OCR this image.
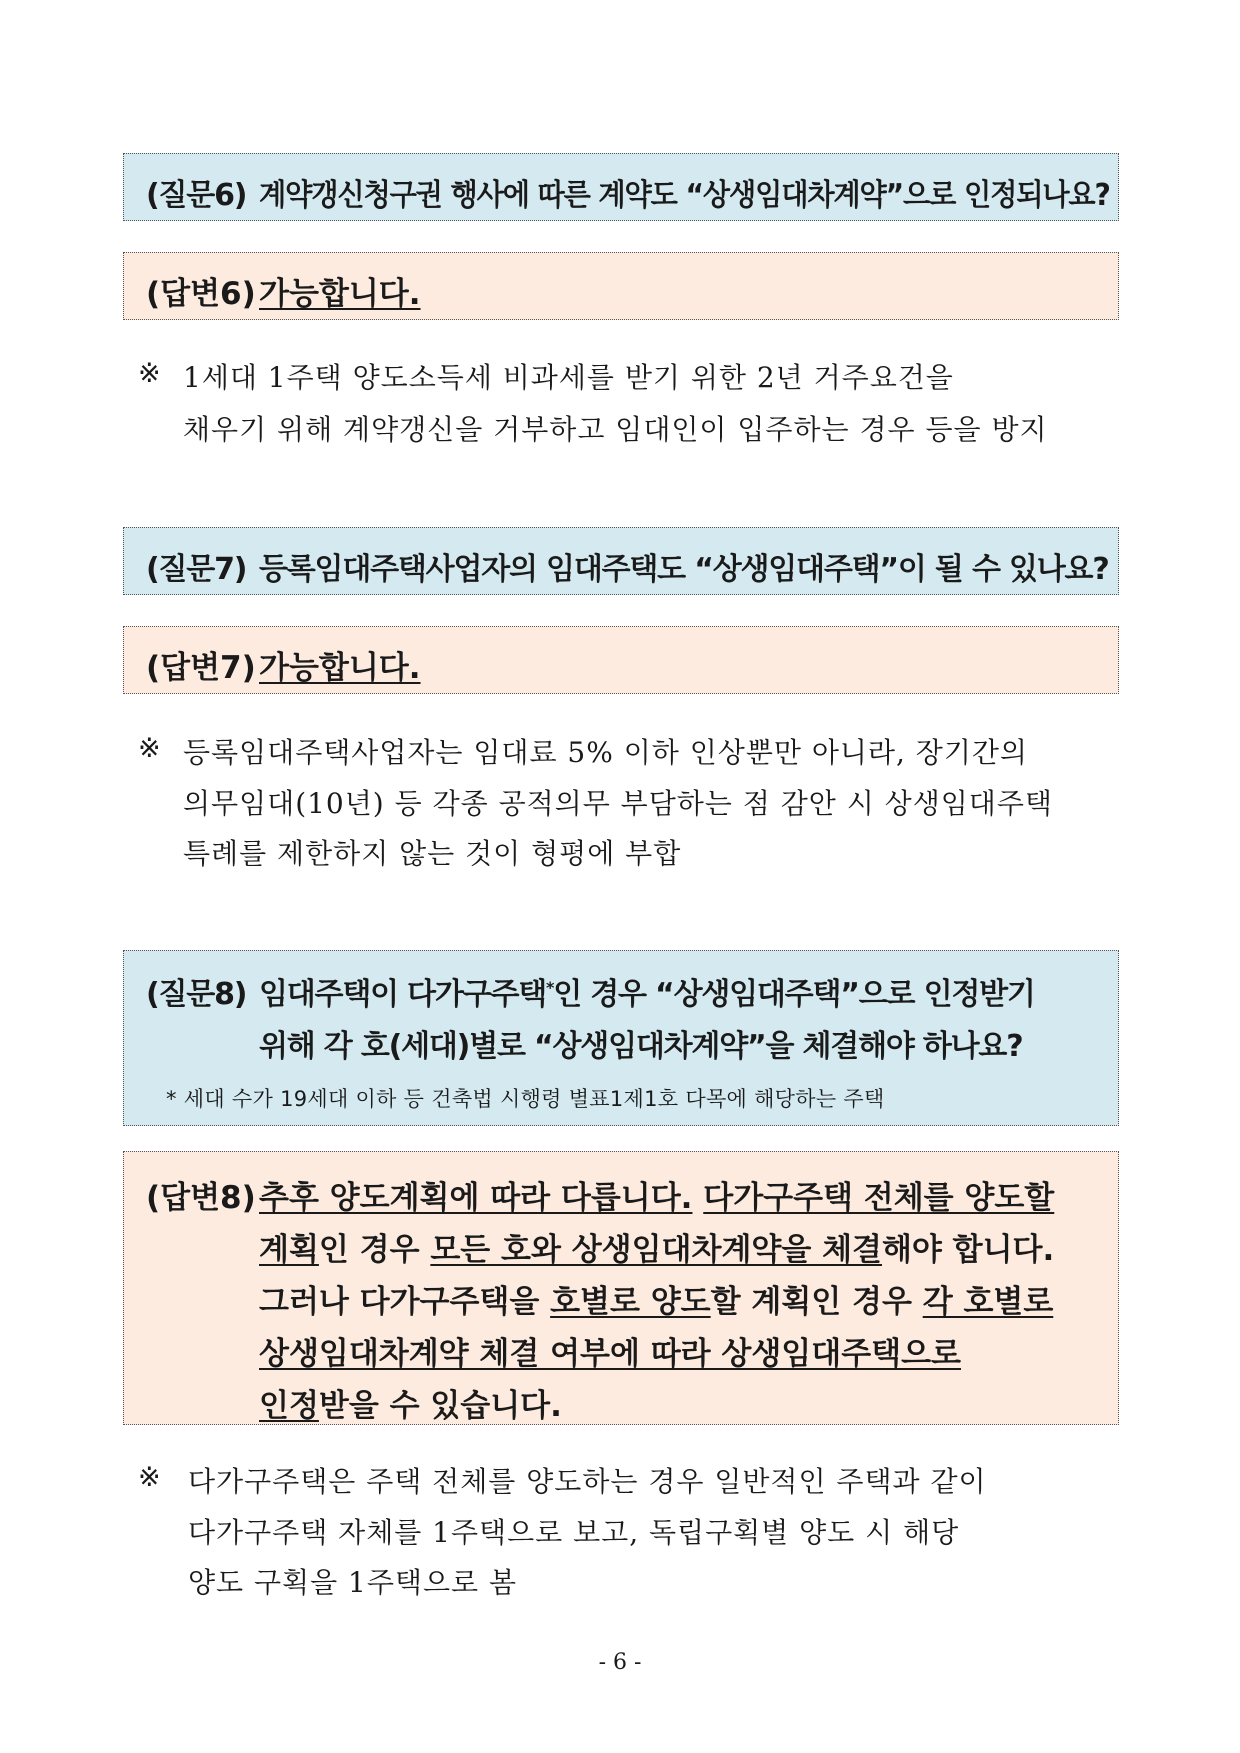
(질문6) 계약갱신청구권 행사에 따른 계약도 “상생임대차계약”으로 인정되나요?
(답변6) 가능합니다.
※ 1세대 1주택 양도소득세 비과세를 받기 위한 2년 거주요건을
채우기 위해 계약갱신을 거부하고 임대인이 입주하는 경우 등을 방지
(질문7) 등록임대주택사업자의 임대주택도 “상생임대주택”이 될 수 있나요?
(답변7) 가능합니다.
※ 등록임대주택사업자는 임대료 5% 이하 인상뿐만 아니라, 장기간의
의무임대(10년) 등 각종 공적의무 부담하는 점 감안 시 상생임대주택
특례를 제한하지 않는 것이 형평에 부합
(질문8) 임대주택이 다가구주택*인 경우 “상생임대주택”으로 인정받기
위해 각 호(세대)별로 “상생임대차계약”을 체결해야 하나요?
* 세대 수가 19세대 이하 등 건축법 시행령 별표1제1호 다목에 해당하는 주택
(답변8) 추후 양도계획에 따라 다릅니다. 다가구주택 전체를 양도할
계획인 경우 모든 호와 상생임대차계약을 체결해야 합니다.
그러나 다가구주택을 호별로 양도할 계획인 경우 각 호별로
상생임대차계약 체결 여부에 따라 상생임대주택으로
인정받을 수 있습니다.
※ 다가구주택은 주택 전체를 양도하는 경우 일반적인 주택과 같이
다가구주택 자체를 1주택으로 보고, 독립구획별 양도 시 해당
양도 구획을 1주택으로 봄
- 6 -
